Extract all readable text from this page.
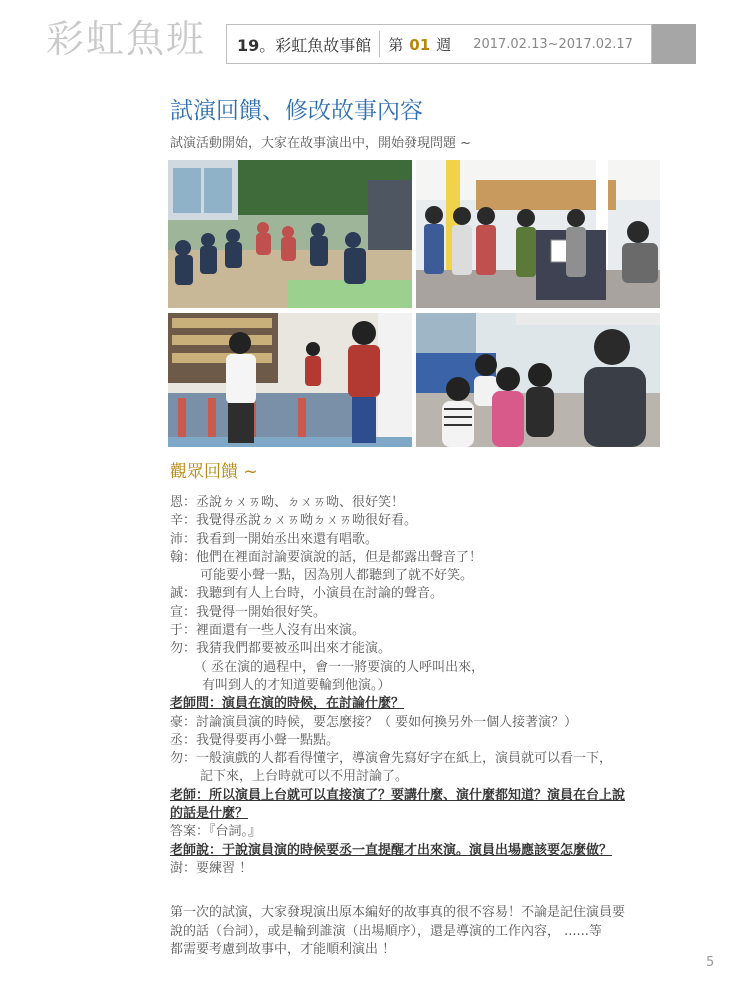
彩虹魚班	19。彩虹魚故事館 第 01 週 2017.02.13~2017.02.17
試演回饋、修改故事內容
試演活動開始，大家在故事演出中，開始發現問題 ~
觀眾回饋 ~
恩：丞說ㄉㄨㄞ呦、ㄉㄨㄞ呦、很好笑！
辛：我覺得丞說ㄉㄨㄞ呦ㄉㄨㄞ呦很好看。
沛：我看到一開始丞出來還有唱歌。
翰：他們在裡面討論要演說的話，但是都露出聲音了！
可能要小聲一點，因為別人都聽到了就不好笑。
誠：我聽到有人上台時，小演員在討論的聲音。
宣：我覺得一開始很好笑。
于：裡面還有一些人沒有出來演。
勿：我猜我們都要被丞叫出來才能演。
（ 丞在演的過程中，會一一將要演的人呼叫出來，
有叫到人的才知道要輪到他演。）
老師問：演員在演的時候，在討論什麼？
豪：討論演員演的時候，要怎麼接？（ 要如何換另外一個人接著演？）
丞：我覺得要再小聲一點點。
勿：一般演戲的人都看得懂字，導演會先寫好字在紙上，演員就可以看一下，
記下來，上台時就可以不用討論了。
老師：所以演員上台就可以直接演了？要講什麼、演什麼都知道？演員在台上說
的話是什麼？
答案：『台詞。』
老師說：于說演員演的時候要丞一直提醒才出來演。演員出場應該要怎麼做？
澍：要練習 ！
第一次的試演，大家發現演出原本編好的故事真的很不容易！不論是記住演員要
說的話（台詞），或是輪到誰演（出場順序），還是導演的工作內容， ......等
都需要考慮到故事中，才能順利演出 ！
5
